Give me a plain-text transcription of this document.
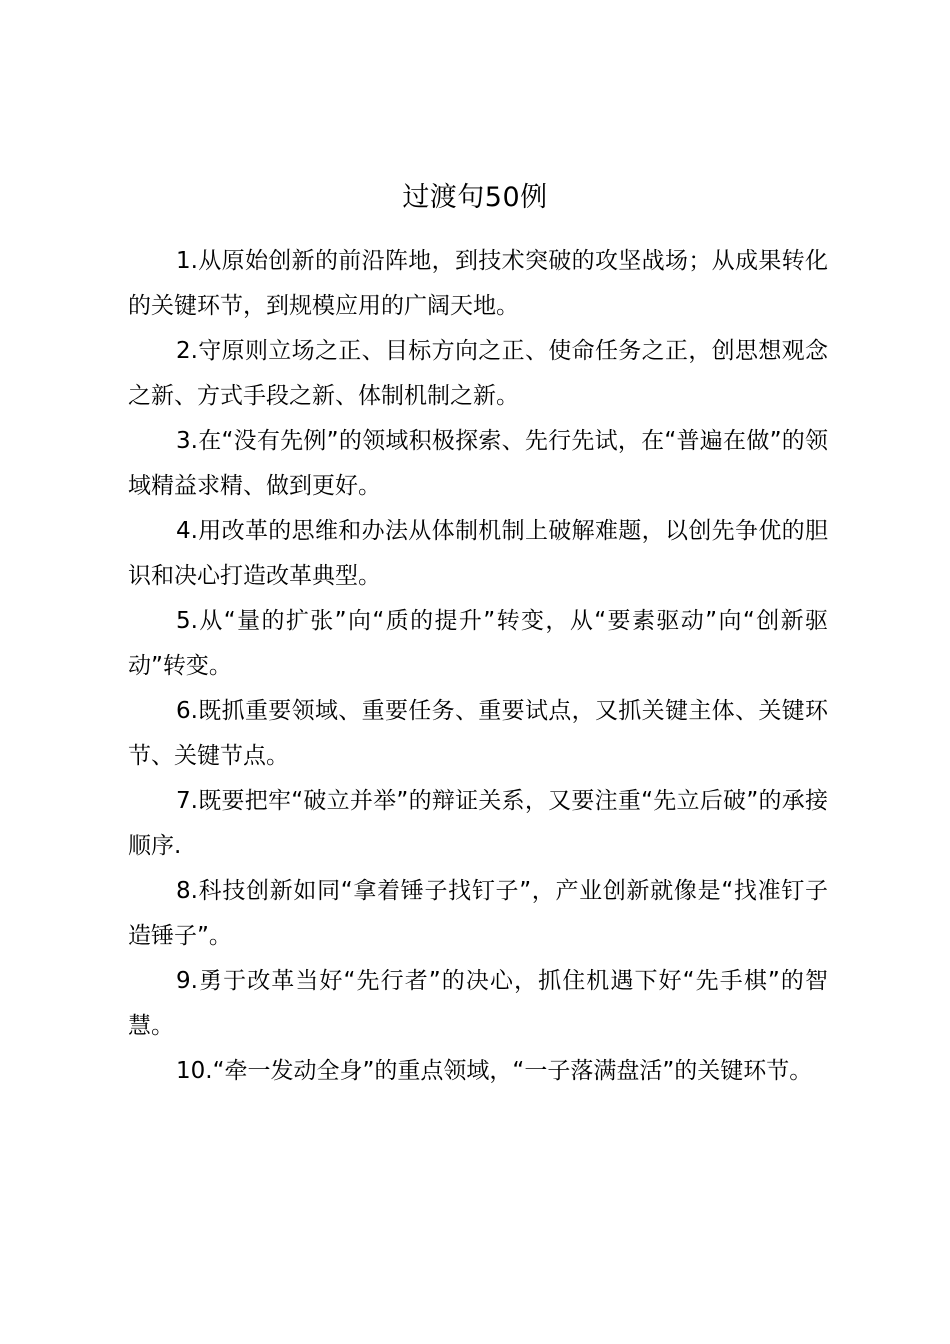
过渡句50例

1.从原始创新的前沿阵地，到技术突破的攻坚战场；从成果转化的关键环节，到规模应用的广阔天地。

2.守原则立场之正、目标方向之正、使命任务之正，创思想观念之新、方式手段之新、体制机制之新。

3.在“没有先例”的领域积极探索、先行先试，在“普遍在做”的领域精益求精、做到更好。

4.用改革的思维和办法从体制机制上破解难题，以创先争优的胆识和决心打造改革典型。

5.从“量的扩张”向“质的提升”转变，从“要素驱动”向“创新驱动”转变。

6.既抓重要领域、重要任务、重要试点，又抓关键主体、关键环节、关键节点。

7.既要把牢“破立并举”的辩证关系，又要注重“先立后破”的承接顺序.

8.科技创新如同“拿着锤子找钉子”，产业创新就像是“找准钉子造锤子”。

9.勇于改革当好“先行者”的决心，抓住机遇下好“先手棋”的智慧。

10.“牵一发动全身”的重点领域，“一子落满盘活”的关键环节。
